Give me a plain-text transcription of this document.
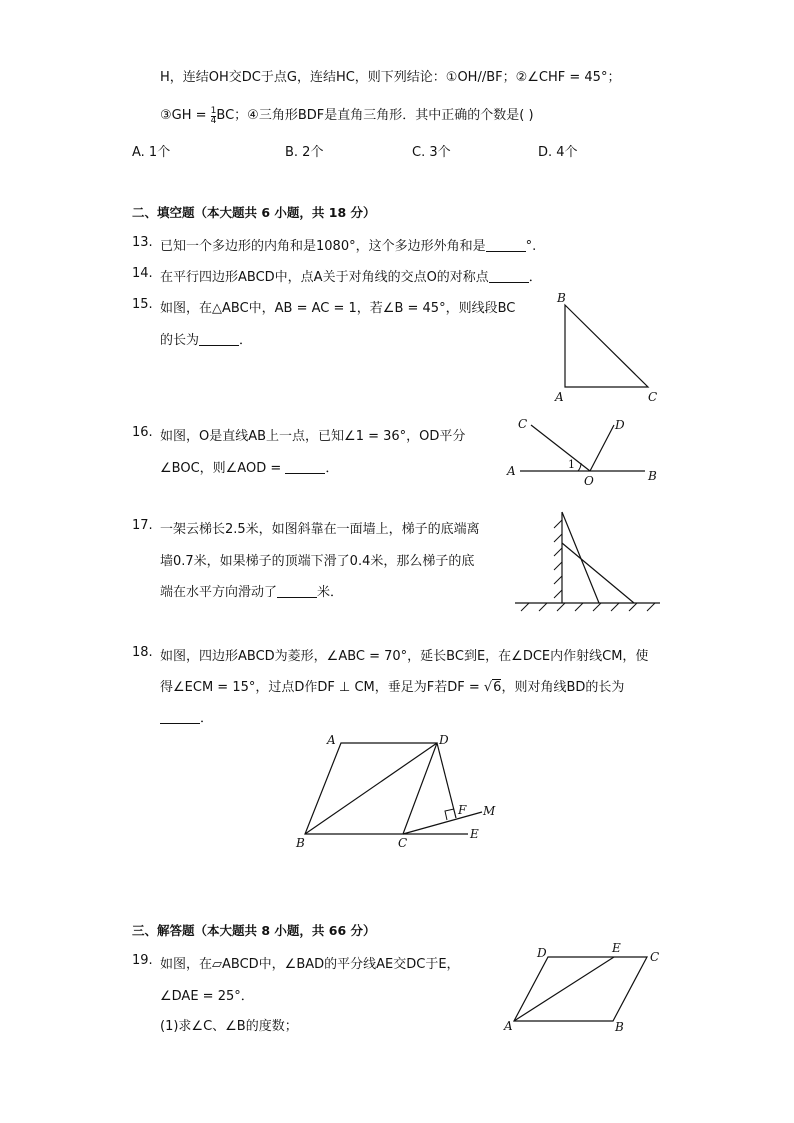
H，连结OH交DC于点G，连结HC，则下列结论：①OH//BF；②∠CHF = 45°；
③GH = $\frac{1}{4}$ BC；④三角形BDF是直角三角形．其中正确的个数是( )
A. 1个	B. 2个	C. 3个	D. 4个
二、填空题（本大题共 6 小题，共 18 分）
13. 已知一个多边形的内角和是1080°，这个多边形外角和是	°.
14. 在平行四边形ABCD中，点A关于对角线的交点O的对称点	．
15. 如图，在△ABC中，AB = AC = 1，若∠B = 45°，则线段BC
的长为	．
B
A	C
16. 如图，O是直线AB上一点，已知∠1 = 36°，OD平分
∠BOC，则∠AOD =	．
C	D
A	B
O
1
17. 一架云梯长2.5米，如图斜靠在一面墙上，梯子的底端离
墙0.7米，如果梯子的顶端下滑了0.4米，那么梯子的底
端在水平方向滑动了	米．
18. 如图，四边形ABCD为菱形，∠ABC = 70°，延长BC到E，在∠DCE内作射线CM，使
得∠ECM = 15°，过点D作DF ⊥ CM，垂足为F若DF = √6，则对角线BD的长为
．
A	D
F M
B	C
E
三、解答题（本大题共 8 小题，共 66 分）
19. 如图，在▱ABCD中，∠BAD的平分线AE交DC于E，
∠DAE = 25°．
(1)求∠C、∠B的度数；
D	E
C
A	B
